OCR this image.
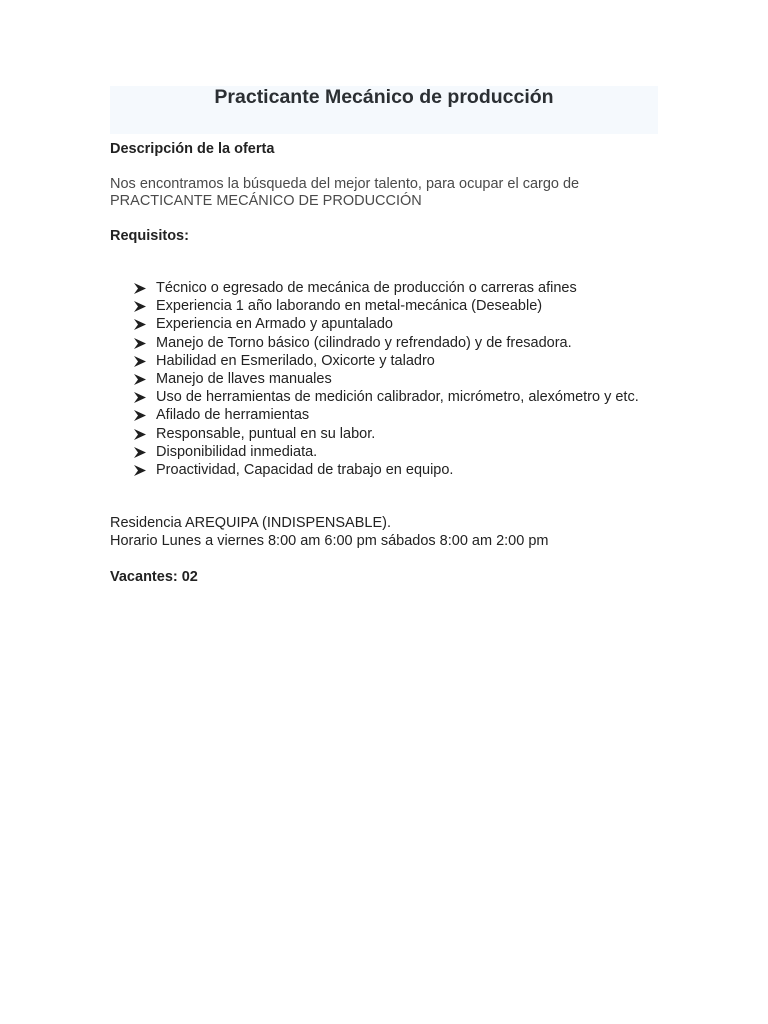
Practicante Mecánico de producción

Descripción de la oferta

Nos encontramos la búsqueda del mejor talento, para ocupar el cargo de
PRACTICANTE MECÁNICO DE PRODUCCIÓN

Requisitos:

Técnico o egresado de mecánica de producción o carreras afines
Experiencia 1 año laborando en metal-mecánica (Deseable)
Experiencia en Armado y apuntalado
Manejo de Torno básico (cilindrado y refrendado) y de fresadora.
Habilidad en Esmerilado, Oxicorte y taladro
Manejo de llaves manuales
Uso de herramientas de medición calibrador, micrómetro, alexómetro y etc.
Afilado de herramientas
Responsable, puntual en su labor.
Disponibilidad inmediata.
Proactividad, Capacidad de trabajo en equipo.
Residencia AREQUIPA (INDISPENSABLE).
Horario Lunes a viernes 8:00 am 6:00 pm sábados 8:00 am 2:00 pm

Vacantes: 02
